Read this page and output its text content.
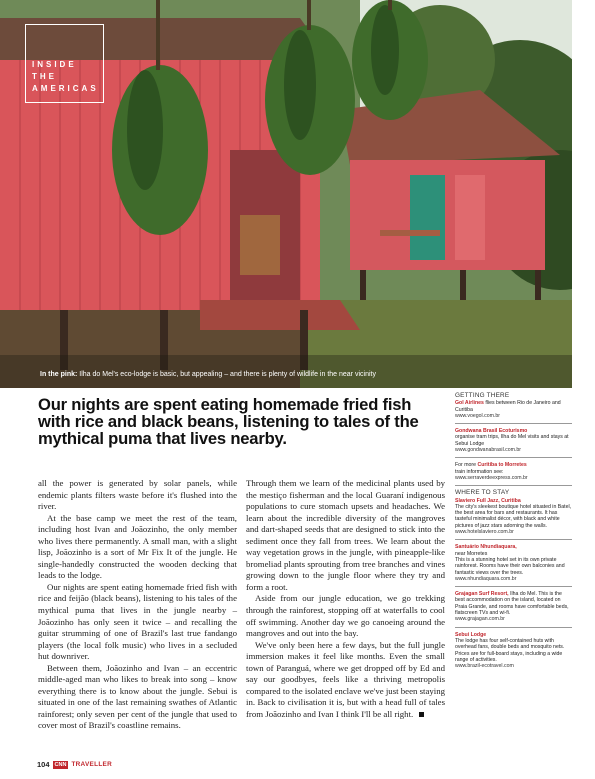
INSIDE THE AMERICAS
In the pink: Ilha do Mel's eco-lodge is basic, but appealing – and there is plenty of wildlife in the near vicinity
Our nights are spent eating homemade fried fish with rice and black beans, listening to tales of the mythical puma that lives nearby.

all the power is generated by solar panels, while endemic plants filters waste before it's flushed into the river.

At the base camp we meet the rest of the team, including host Ivan and Joãozinho, the only member who lives there permanently. A small man, with a slight lisp, Joãozinho is a sort of Mr Fix It of the jungle. He single-handedly constructed the wooden decking that leads to the lodge.

Our nights are spent eating homemade fried fish with rice and feijão (black beans), listening to his tales of the mythical puma that lives in the jungle nearby – Joãozinho has only seen it twice – and recalling the guitar strumming of one of Brazil's last true fandango players (the local folk music) who lives in a secluded hut downriver.

Between them, Joãozinho and Ivan – an eccentric middle-aged man who likes to break into song – know everything there is to know about the jungle. Sebui is situated in one of the last remaining swathes of Atlantic rainforest; only seven per cent of the jungle that used to cover most of Brazil's coastline remains.

Through them we learn of the medicinal plants used by the mestiço fisherman and the local Guaraní indigenous populations to cure stomach upsets and headaches. We learn about the incredible diversity of the mangroves and dart-shaped seeds that are designed to stick into the sediment once they fall from trees. We learn about the way vegetation grows in the jungle, with pineapple-like bromeliad plants sprouting from tree branches and vines growing down to the jungle floor where they try and form a root.

Aside from our jungle education, we go trekking through the rainforest, stopping off at waterfalls to cool off swimming. Another day we go canoeing around the mangroves and out into the bay.

We've only been here a few days, but the full jungle immersion makes it feel like months. Even the small town of Paranguá, where we get dropped off by Ed and say our goodbyes, feels like a thriving metropolis compared to the isolated enclave we've just been staying in. Back to civilisation it is, but with a head full of tales from Joãozinho and Ivan I think I'll be all right.

GETTING THERE
Gol Airlines flies between Rio de Janeiro and Curitiba
www.voegol.com.br
Gondwana Brasil Ecoturismo
organise tram trips, Ilha do Mel visits and stays at Sebui Lodge
www.gondwanabrasil.com.br
For more Curitiba to Morretes
train information see:
www.serraverdeexpress.com.br
WHERE TO STAY
Slaviero Full Jazz, Curitiba
The city's sleekest boutique hotel situated in Batel, the best area for bars and restaurants. It has tasteful minimalist décor, with black and white pictures of jazz stars adorning the walls.
www.hotelslaviero.com.br
Santuário Nhundiaquara,
near Morretes
This is a stunning hotel set in its own private rainforest. Rooms have their own balconies and fantastic views over the trees.
www.nhundiaquara.com.br
Grajagan Surf Resort, Ilha do Mel. This is the best accommodation on the island, located on Praia Grande, and rooms have comfortable beds, flatscreen TVs and wi-fi.
www.grajagan.com.br
Sebui Lodge
The lodge has four self-contained huts with overhead fans, double beds and mosquito nets. Prices are for full-board stays, including a wide range of activities.
www.brazil-ecotravel.com
104 CNN TRAVELLER
